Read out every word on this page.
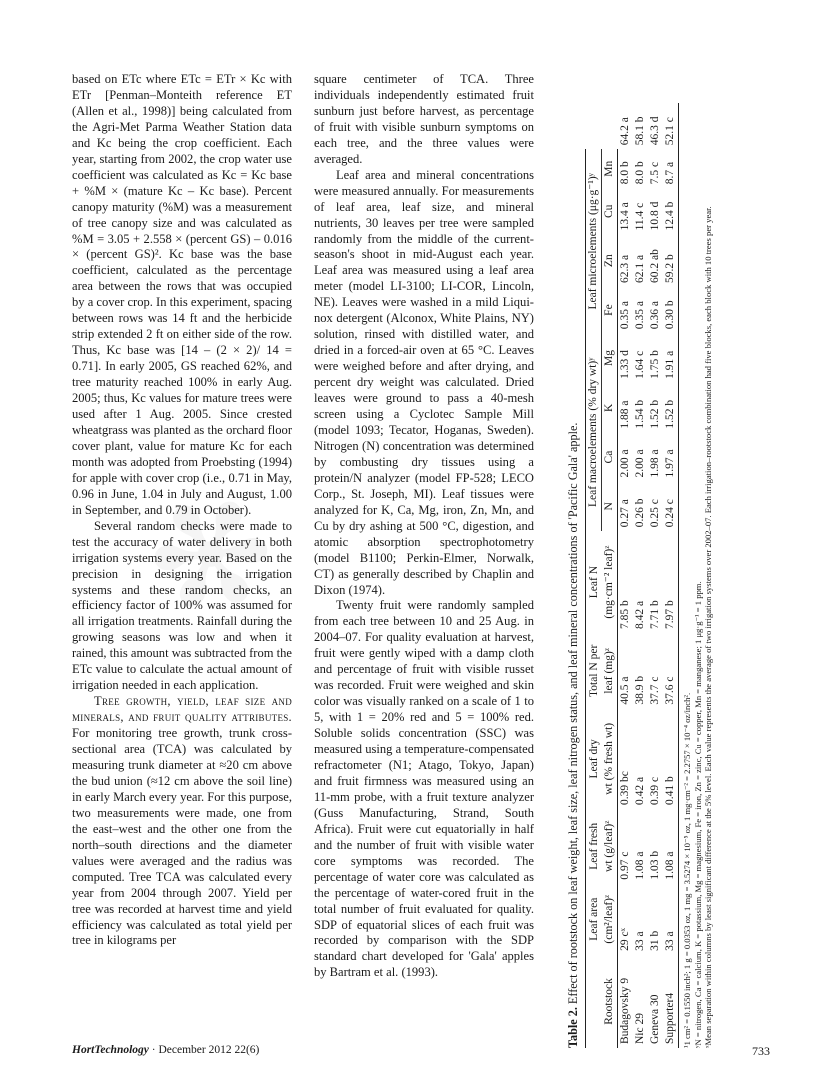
based on ETc where ETc = ETr × Kc with ETr [Penman–Monteith reference ET (Allen et al., 1998)] being calculated from the Agri-Met Parma Weather Station data and Kc being the crop coefficient. Each year, starting from 2002, the crop water use coefficient was calculated as Kc = Kc base + %M × (mature Kc – Kc base). Percent canopy maturity (%M) was a measurement of tree canopy size and was calculated as %M = 3.05 + 2.558 × (percent GS) – 0.016 × (percent GS)². Kc base was the base coefficient, calculated as the percentage area between the rows that was occupied by a cover crop. In this experiment, spacing between rows was 14 ft and the herbicide strip extended 2 ft on either side of the row. Thus, Kc base was [14 – (2 × 2)/ 14 = 0.71]. In early 2005, GS reached 62%, and tree maturity reached 100% in early Aug. 2005; thus, Kc values for mature trees were used after 1 Aug. 2005. Since crested wheatgrass was planted as the orchard floor cover plant, value for mature Kc for each month was adopted from Proebsting (1994) for apple with cover crop (i.e., 0.71 in May, 0.96 in June, 1.04 in July and August, 1.00 in September, and 0.79 in October).

Several random checks were made to test the accuracy of water delivery in both irrigation systems every year. Based on the precision in designing the irrigation systems and these random checks, an efficiency factor of 100% was assumed for all irrigation treatments. Rainfall during the growing seasons was low and when it rained, this amount was subtracted from the ETc value to calculate the actual amount of irrigation needed in each application.

Tree growth, yield, leaf size and minerals, and fruit quality attributes. For monitoring tree growth, trunk cross-sectional area (TCA) was calculated by measuring trunk diameter at ≈20 cm above the bud union (≈12 cm above the soil line) in early March every year. For this purpose, two measurements were made, one from the east–west and the other one from the north–south directions and the diameter values were averaged and the radius was computed. Tree TCA was calculated every year from 2004 through 2007. Yield per tree was recorded at harvest time and yield efficiency was calculated as total yield per tree in kilograms per

square centimeter of TCA. Three individuals independently estimated fruit sunburn just before harvest, as percentage of fruit with visible sunburn symptoms on each tree, and the three values were averaged.

Leaf area and mineral concentrations were measured annually. For measurements of leaf area, leaf size, and mineral nutrients, 30 leaves per tree were sampled randomly from the middle of the current-season's shoot in mid-August each year. Leaf area was measured using a leaf area meter (model LI-3100; LI-COR, Lincoln, NE). Leaves were washed in a mild Liqui-nox detergent (Alconox, White Plains, NY) solution, rinsed with distilled water, and dried in a forced-air oven at 65 °C. Leaves were weighed before and after drying, and percent dry weight was calculated. Dried leaves were ground to pass a 40-mesh screen using a Cyclotec Sample Mill (model 1093; Tecator, Hoganas, Sweden). Nitrogen (N) concentration was determined by combusting dry tissues using a protein/N analyzer (model FP-528; LECO Corp., St. Joseph, MI). Leaf tissues were analyzed for K, Ca, Mg, iron, Zn, Mn, and Cu by dry ashing at 500 °C, digestion, and atomic absorption spectrophotometry (model B1100; Perkin-Elmer, Norwalk, CT) as generally described by Chaplin and Dixon (1974).

Twenty fruit were randomly sampled from each tree between 10 and 25 Aug. in 2004–07. For quality evaluation at harvest, fruit were gently wiped with a damp cloth and percentage of fruit with visible russet was recorded. Fruit were weighed and skin color was visually ranked on a scale of 1 to 5, with 1 = 20% red and 5 = 100% red. Soluble solids concentration (SSC) was measured using a temperature-compensated refractometer (N1; Atago, Tokyo, Japan) and fruit firmness was measured using an 11-mm probe, with a fruit texture analyzer (Guss Manufacturing, Strand, South Africa). Fruit were cut equatorially in half and the number of fruit with visible water core symptoms was recorded. The percentage of water core was calculated as the percentage of water-cored fruit in the total number of fruit evaluated for quality. SDP of equatorial slices of each fruit was recorded by comparison with the SDP standard chart developed for 'Gala' apples by Bartram et al. (1993).

Table 2. Effect of rootstock on leaf weight, leaf size, leaf nitrogen status, and leaf mineral concentrations of 'Pacific Gala' apple.
	Leaf area	Leaf fresh	Leaf dry	Total N per	Leaf N	Leaf macroelements (% dry wt)ʸ				Leaf microelements (μg·g⁻¹)ʸ				
Rootstock	(cm²/leaf)ᶻ	wt (g/leaf)ᶻ	wt (% fresh wt)	leaf (mg)ᶻ	(mg·cm⁻² leaf)ᶻ	N	Ca	K	Mg	Fe	Zn	Cu	Mn	
Budagovsky 9	29 cˣ	0.97 c	0.39 bc	40.5 a	7.85 b	0.27 a	2.00 a	1.88 a	1.33 d	0.35 a	62.3 a	13.4 a	8.0 b	64.2 a
Nic 29	33 a	1.08 a	0.42 a	38.9 b	8.42 a	0.26 b	2.00 a	1.54 b	1.64 c	0.35 a	62.1 a	11.4 c	8.0 b	58.1 b
Geneva 30	31 b	1.03 b	0.39 c	37.7 c	7.71 b	0.25 c	1.98 a	1.52 b	1.75 b	0.36 a	60.2 ab	10.8 d	7.5 c	46.3 d
Supporter4	33 a	1.08 a	0.41 b	37.6 c	7.97 b	0.24 c	1.97 a	1.52 b	1.91 a	0.30 b	59.2 b	12.4 b	8.7 a	52.1 c
¹1 cm² = 0.1550 inch²; 1 g = 0.0353 oz, 1 mg = 3.5274 × 10⁻⁵ oz, 1 mg·cm⁻² = 2.2757 × 10⁻⁴ oz/inch². ʸN = nitrogen, Ca = calcium, K = potassium, Mg = magnesium, Fe = iron, Zn = zinc, Cu = copper, Mn = manganese; 1 μg·g⁻¹ = 1 ppm. ˣMean separation within columns by least significant difference at the 5% level. Each value represents the average of two irrigation systems over 2002–07. Each irrigation–rootstock combination had five blocks, each block with 10 trees per year.
HortTechnology · December 2012 22(6)	733
